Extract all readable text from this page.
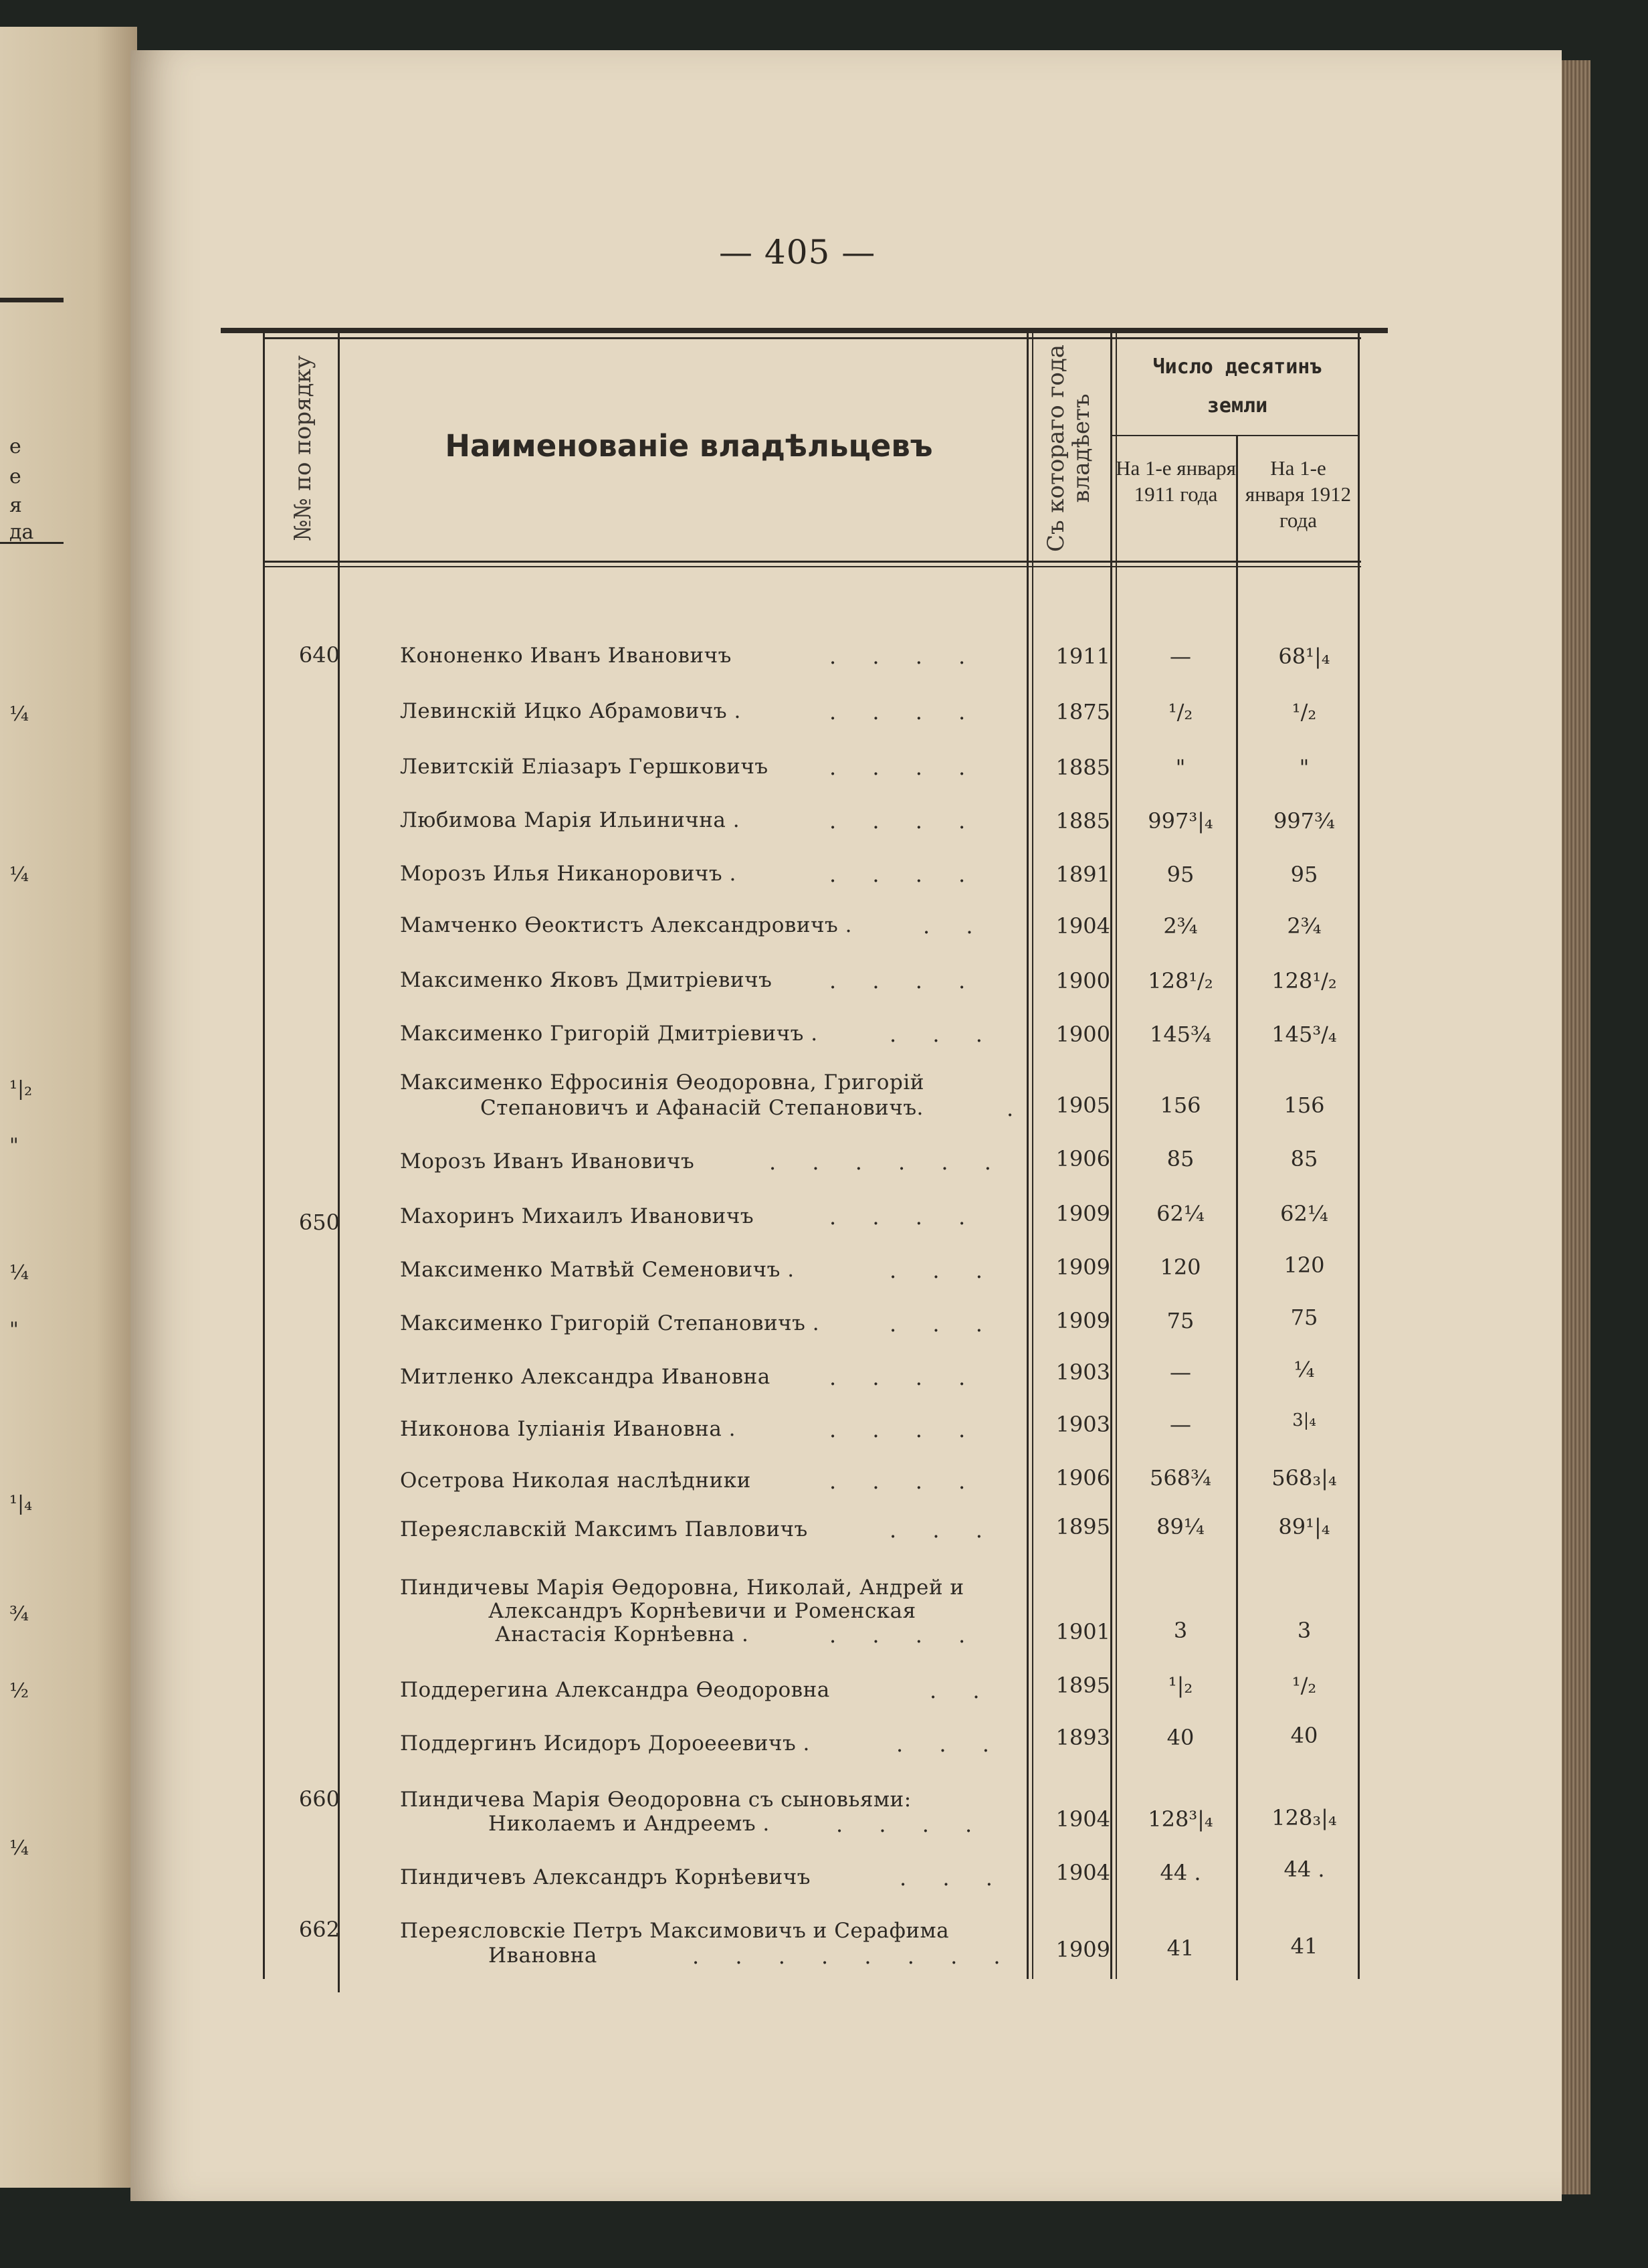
е
е
я
да
¼
¼
¹|₂
"
¼
"
¹|₄
¾
½
¼
— 405 —
№№ по порядку	Наименованіе владѣльцевъ	Съ котораго года владѣетъ
Число десятинъ земли
На 1-е января 1911 года
На 1-е января 1912 года
640	Кононенко Иванъ Ивановичъ	. . . .	1911	—	68¹|₄
Левинскій Ицко Абрамовичъ .	. . . .	1875	¹/₂	¹/₂
Левитскій Еліазаръ Гершковичъ	. . . .	1885	"	"
Любимова Марія Ильинична .	. . . .	1885	997³|₄	997¾
Морозъ Илья Никаноровичъ .	. . . .	1891	95	95
Мамченко Өеоктистъ Александровичъ .	. .	1904	2¾	2¾
Максименко Яковъ Дмитріевичъ	. . . .	1900	128¹/₂	128¹/₂
Максименко Григорій Дмитріевичъ .	. . .	1900	145¾	145³/₄
Максименко Ефросинія Өеодоровна, Григорій
Степановичъ и Афанасій Степановичъ.	.	1905	156	156
Морозъ Иванъ Ивановичъ	. . . . . .	1906	85	85
650	Махоринъ Михаилъ Ивановичъ	. . . .	1909	62¼	62¼
Максименко Матвѣй Семеновичъ .	. . .	1909	120	120
Максименко Григорій Степановичъ .	. . .	1909	75	75
Митленко Александра Ивановна	. . . .	1903	—	¼
Никонова Іуліанія Ивановна .	. . . .	1903	—	3|₄
Осетрова Николая наслѣдники	. . . .	1906	568¾	568₃|₄
Переяславскій Максимъ Павловичъ	. . .	1895	89¼	89¹|₄
Пиндичевы Марія Өедоровна, Николай, Андрей и
Александръ Корнѣевичи и Роменская
Анастасія Корнѣевна .	. . . .	1901	3	3
Поддерегина Александра Өеодоровна	. .	1895	¹|₂	¹/₂
Поддергинъ Исидоръ Дороееевичъ .	. . .	1893	40	40
660	Пиндичева Марія Өеодоровна съ сыновьями:
Николаемъ и Андреемъ .	. . . .	1904	128³|₄	128₃|₄
Пиндичевъ Александръ Корнѣевичъ	. . .	1904	44 .	44 .
662	Переясловскіе Петръ Максимовичъ и Серафима
Ивановна	. . . . . . . .	1909	41	41
